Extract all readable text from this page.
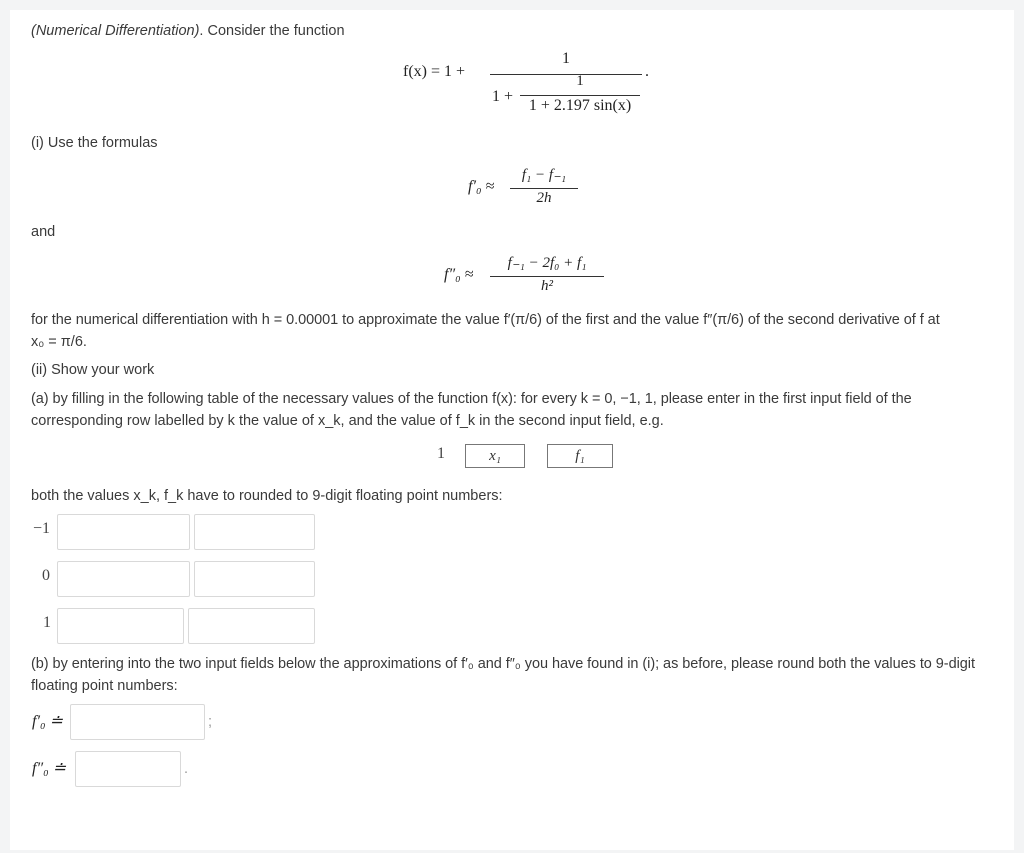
(Numerical Differentiation). Consider the function
f(x) = 1 +
1
1 +
1
1 + 2.197 sin(x)
.
(i) Use the formulas
f′₀ ≈
f₁ − f₋₁
2h
and
f″₀ ≈
f₋₁ − 2f₀ + f₁
h²
for the numerical differentiation with h = 0.00001 to approximate the value f′(π/6) of the first and the value f″(π/6) of the second derivative of f at
x₀ = π/6.
(ii) Show your work
(a) by filling in the following table of the necessary values of the function f(x): for every k = 0, −1, 1, please enter in the first input field of the
corresponding row labelled by k the value of x_k, and the value of f_k in the second input field, e.g.
1	x₁	f₁
both the values x_k, f_k have to rounded to 9-digit floating point numbers:
−1
0
1
(b) by entering into the two input fields below the approximations of f′₀ and f″₀ you have found in (i); as before, please round both the values to 9-digit
floating point numbers:
f′₀ ≐	;
f″₀ ≐	.
